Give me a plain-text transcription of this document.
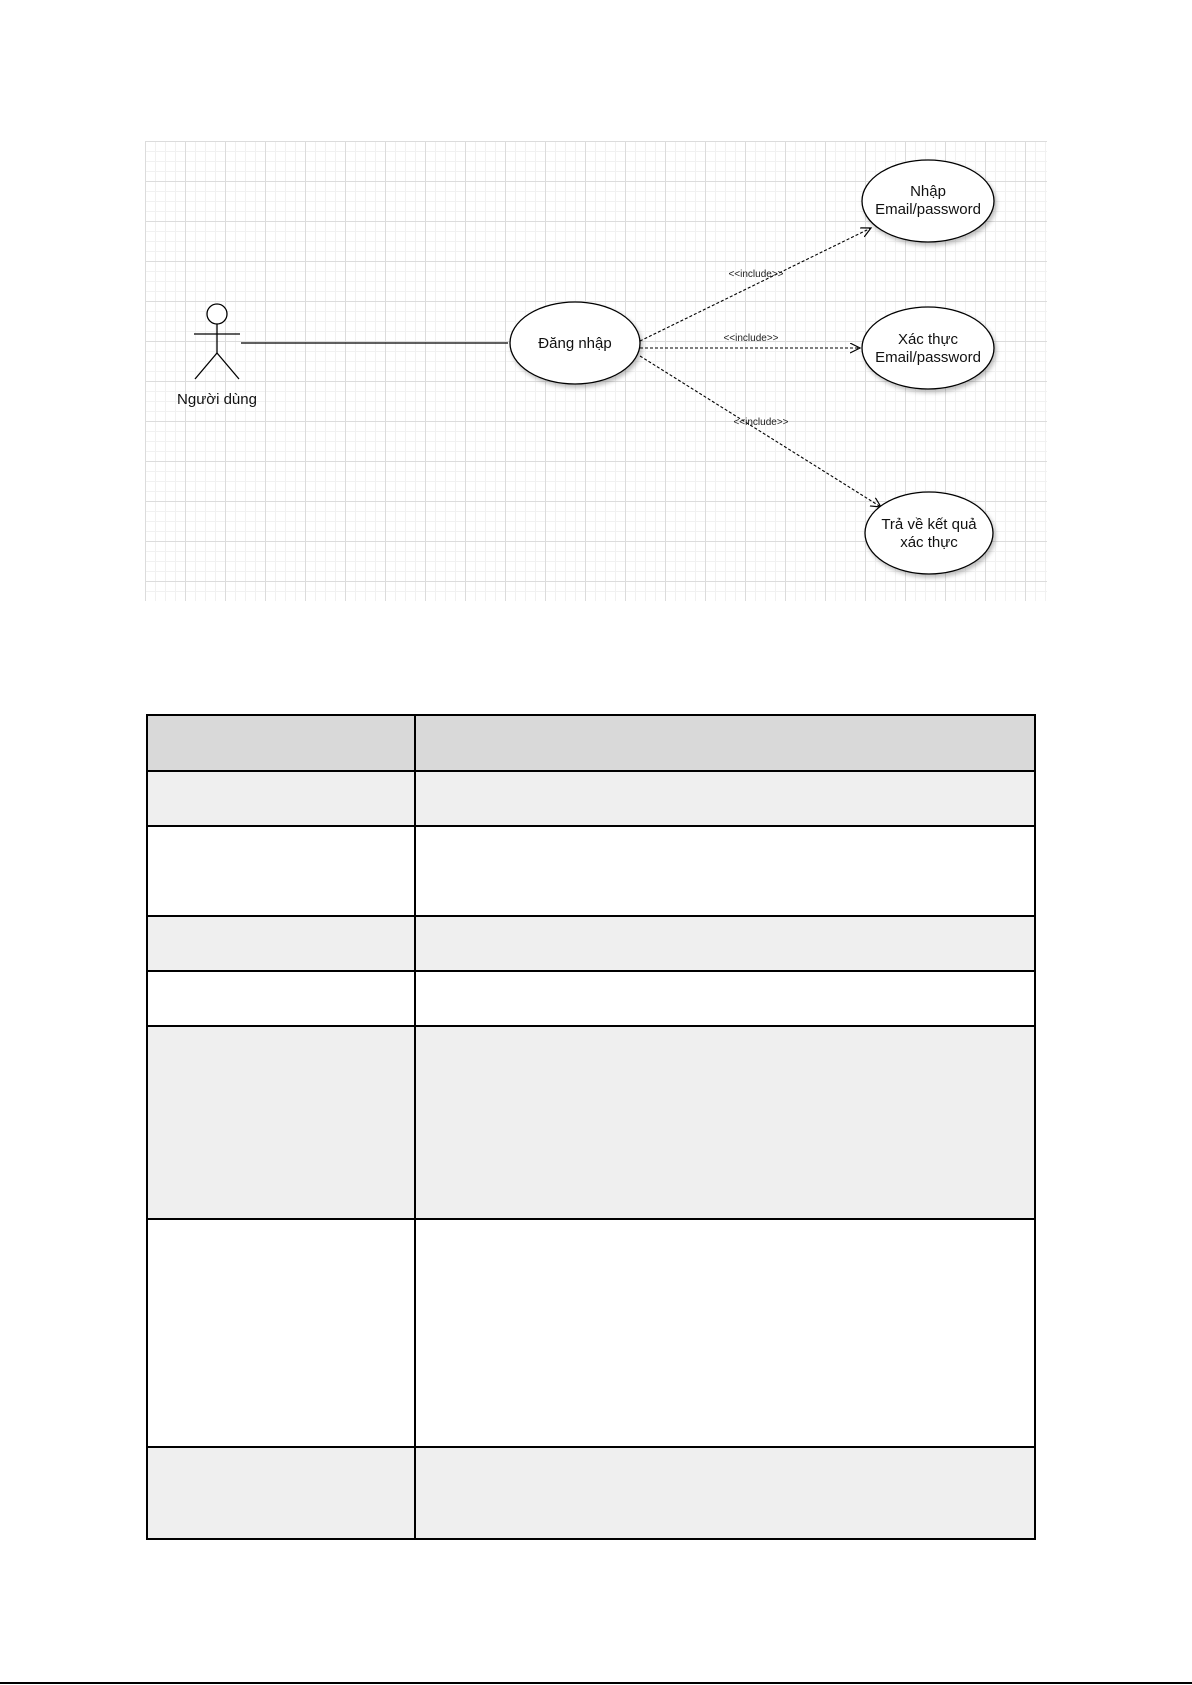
Người dùng
<<include>>
<<include>>
<<include>>
Đăng nhập
Nhập
Email/password
Xác thực
Email/password
Trả về kết quả
xác thực
